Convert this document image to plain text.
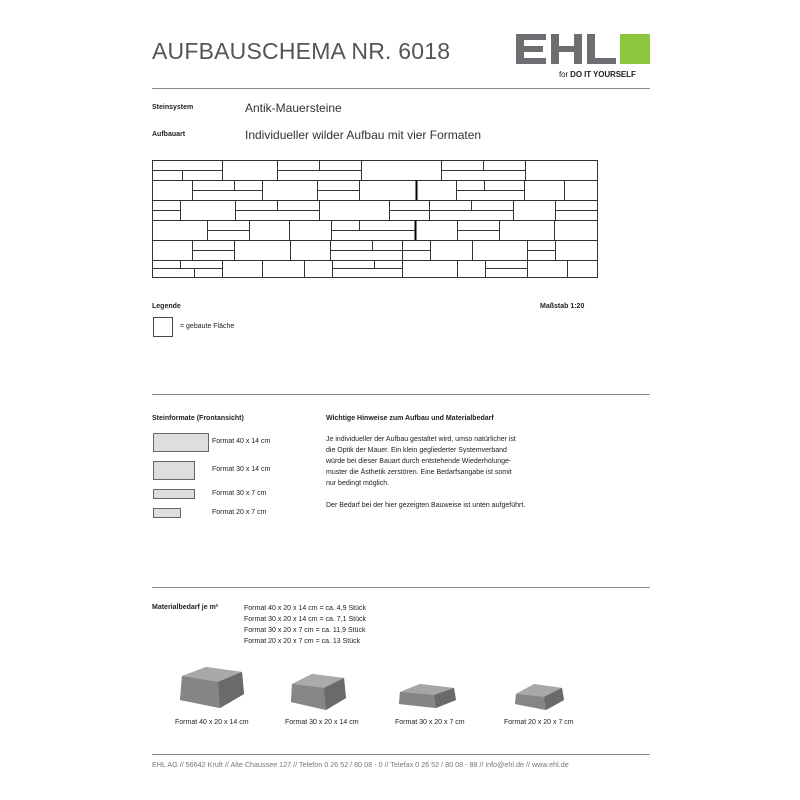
AUFBAUSCHEMA NR. 6018
for DO IT YOURSELF
Steinsystem	Antik-Mauersteine
Aufbauart	Individueller wilder Aufbau mit vier Formaten
Legende	Maßstab 1:20
= gebaute Fläche
Steinformate (Frontansicht)
Format 40 x 14 cm
Format 30 x 14 cm
Format 30 x 7 cm
Format 20 x 7 cm
Wichtige Hinweise zum Aufbau und Materialbedarf

Je individueller der Aufbau gestaltet wird, umso natürlicher ist

die Optik der Mauer. Ein klein gegliederter Systemverband

würde bei dieser Bauart durch entstehende Wiederholunge-

muster die Ästhetik zerstören. Eine Bedarfsangabe ist somit

nur bedingt möglich.

Der Bedarf bei der hier gezeigten Bauweise ist unten aufgeführt.

Materialbedarf je m²	Format 40 x 20 x 14 cm = ca. 4,9 Stück
Format 30 x 20 x 14 cm = ca. 7,1 Stück
Format 30 x 20 x 7 cm = ca. 11,9 Stück
Format 20 x 20 x 7 cm = ca. 13 Stück
Format 40 x 20 x 14 cm	Format 30 x 20 x 14 cm	Format 30 x 20 x 7 cm	Format 20 x 20 x 7 cm
EHL AG // 56642 Kruft // Alte Chaussee 127 // Telefon 0 26 52 / 80 08 - 0 // Telefax 0 26 52 / 80 08 - 88 // info@ehl.de // www.ehl.de
